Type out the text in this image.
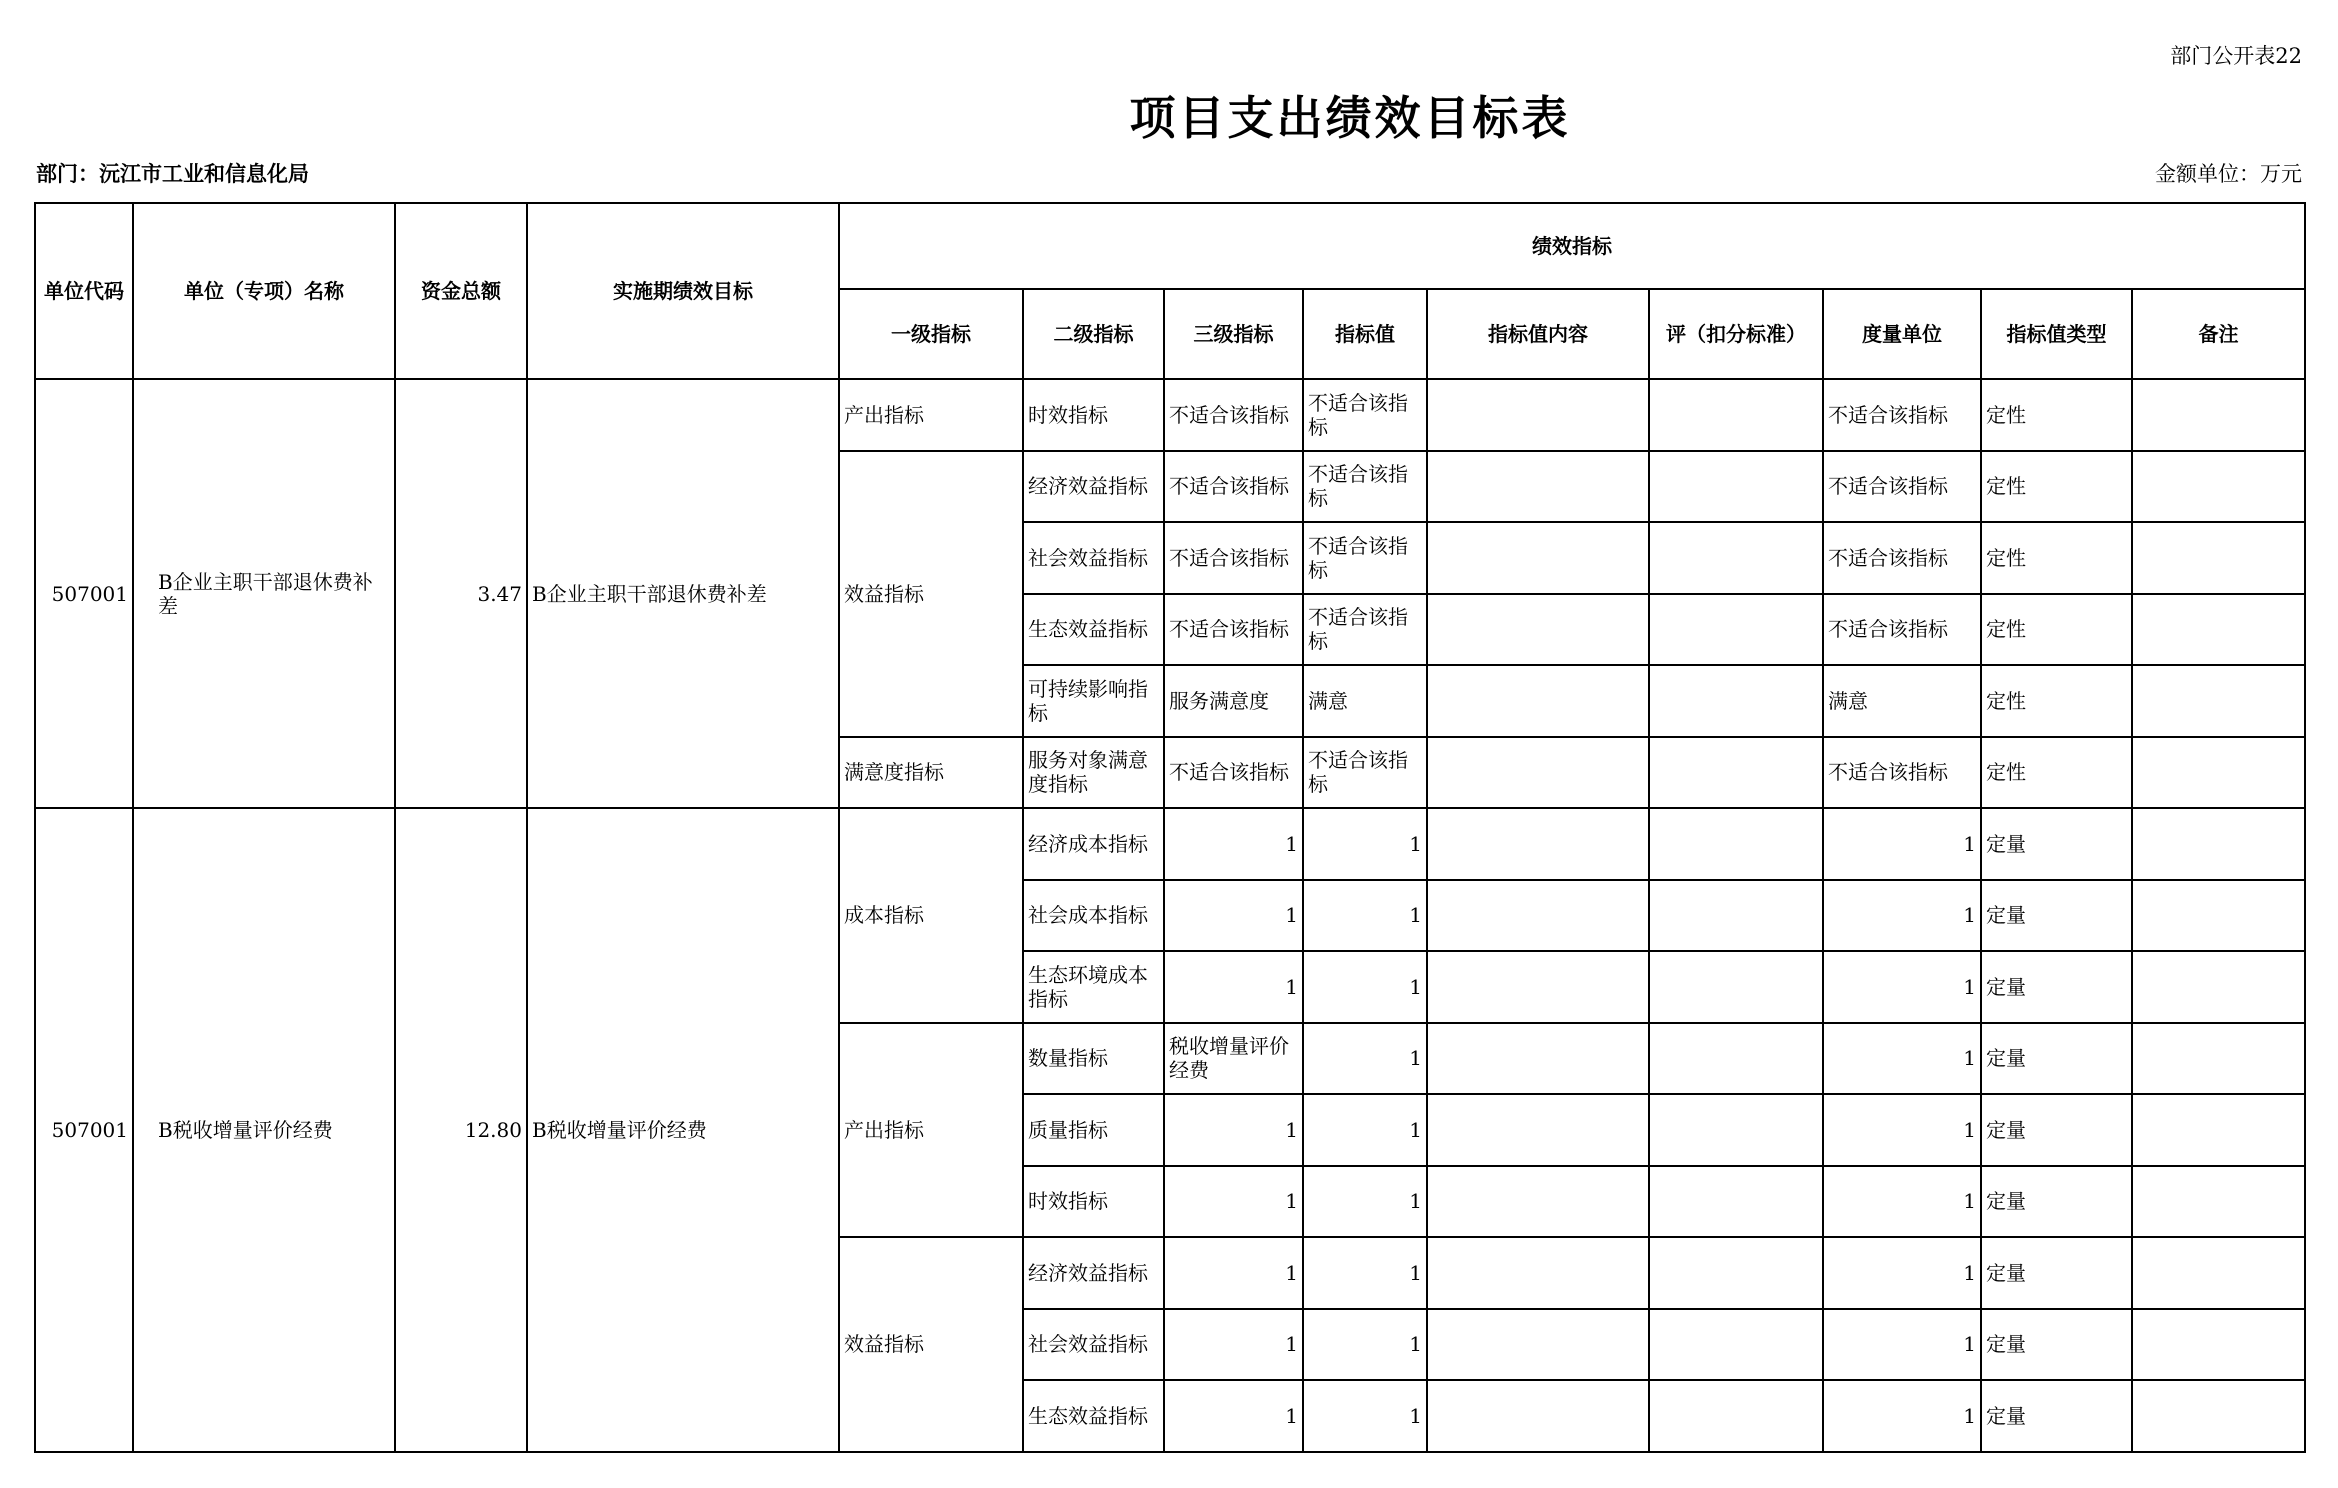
部门公开表22
项目支出绩效目标表
部门：沅江市工业和信息化局	金额单位：万元
单位代码	单位（专项）名称	资金总额	实施期绩效目标	绩效指标								
				一级指标	二级指标	三级指标	指标值	指标值内容	评（扣分标准）	度量单位	指标值类型	备注
507001	B企业主职干部退休费补差	3.47	B企业主职干部退休费补差	产出指标	时效指标	不适合该指标	不适合该指标			不适合该指标	定性	
				效益指标	经济效益指标	不适合该指标	不适合该指标			不适合该指标	定性	
					社会效益指标	不适合该指标	不适合该指标			不适合该指标	定性	
					生态效益指标	不适合该指标	不适合该指标			不适合该指标	定性	
					可持续影响指标	服务满意度	满意			满意	定性	
				满意度指标	服务对象满意度指标	不适合该指标	不适合该指标			不适合该指标	定性	
507001	B税收增量评价经费	12.80	B税收增量评价经费	成本指标	经济成本指标	1	1			1	定量	
					社会成本指标	1	1			1	定量	
					生态环境成本指标	1	1			1	定量	
				产出指标	数量指标	税收增量评价经费	1			1	定量	
					质量指标	1	1			1	定量	
					时效指标	1	1			1	定量	
				效益指标	经济效益指标	1	1			1	定量	
					社会效益指标	1	1			1	定量	
					生态效益指标	1	1			1	定量	
